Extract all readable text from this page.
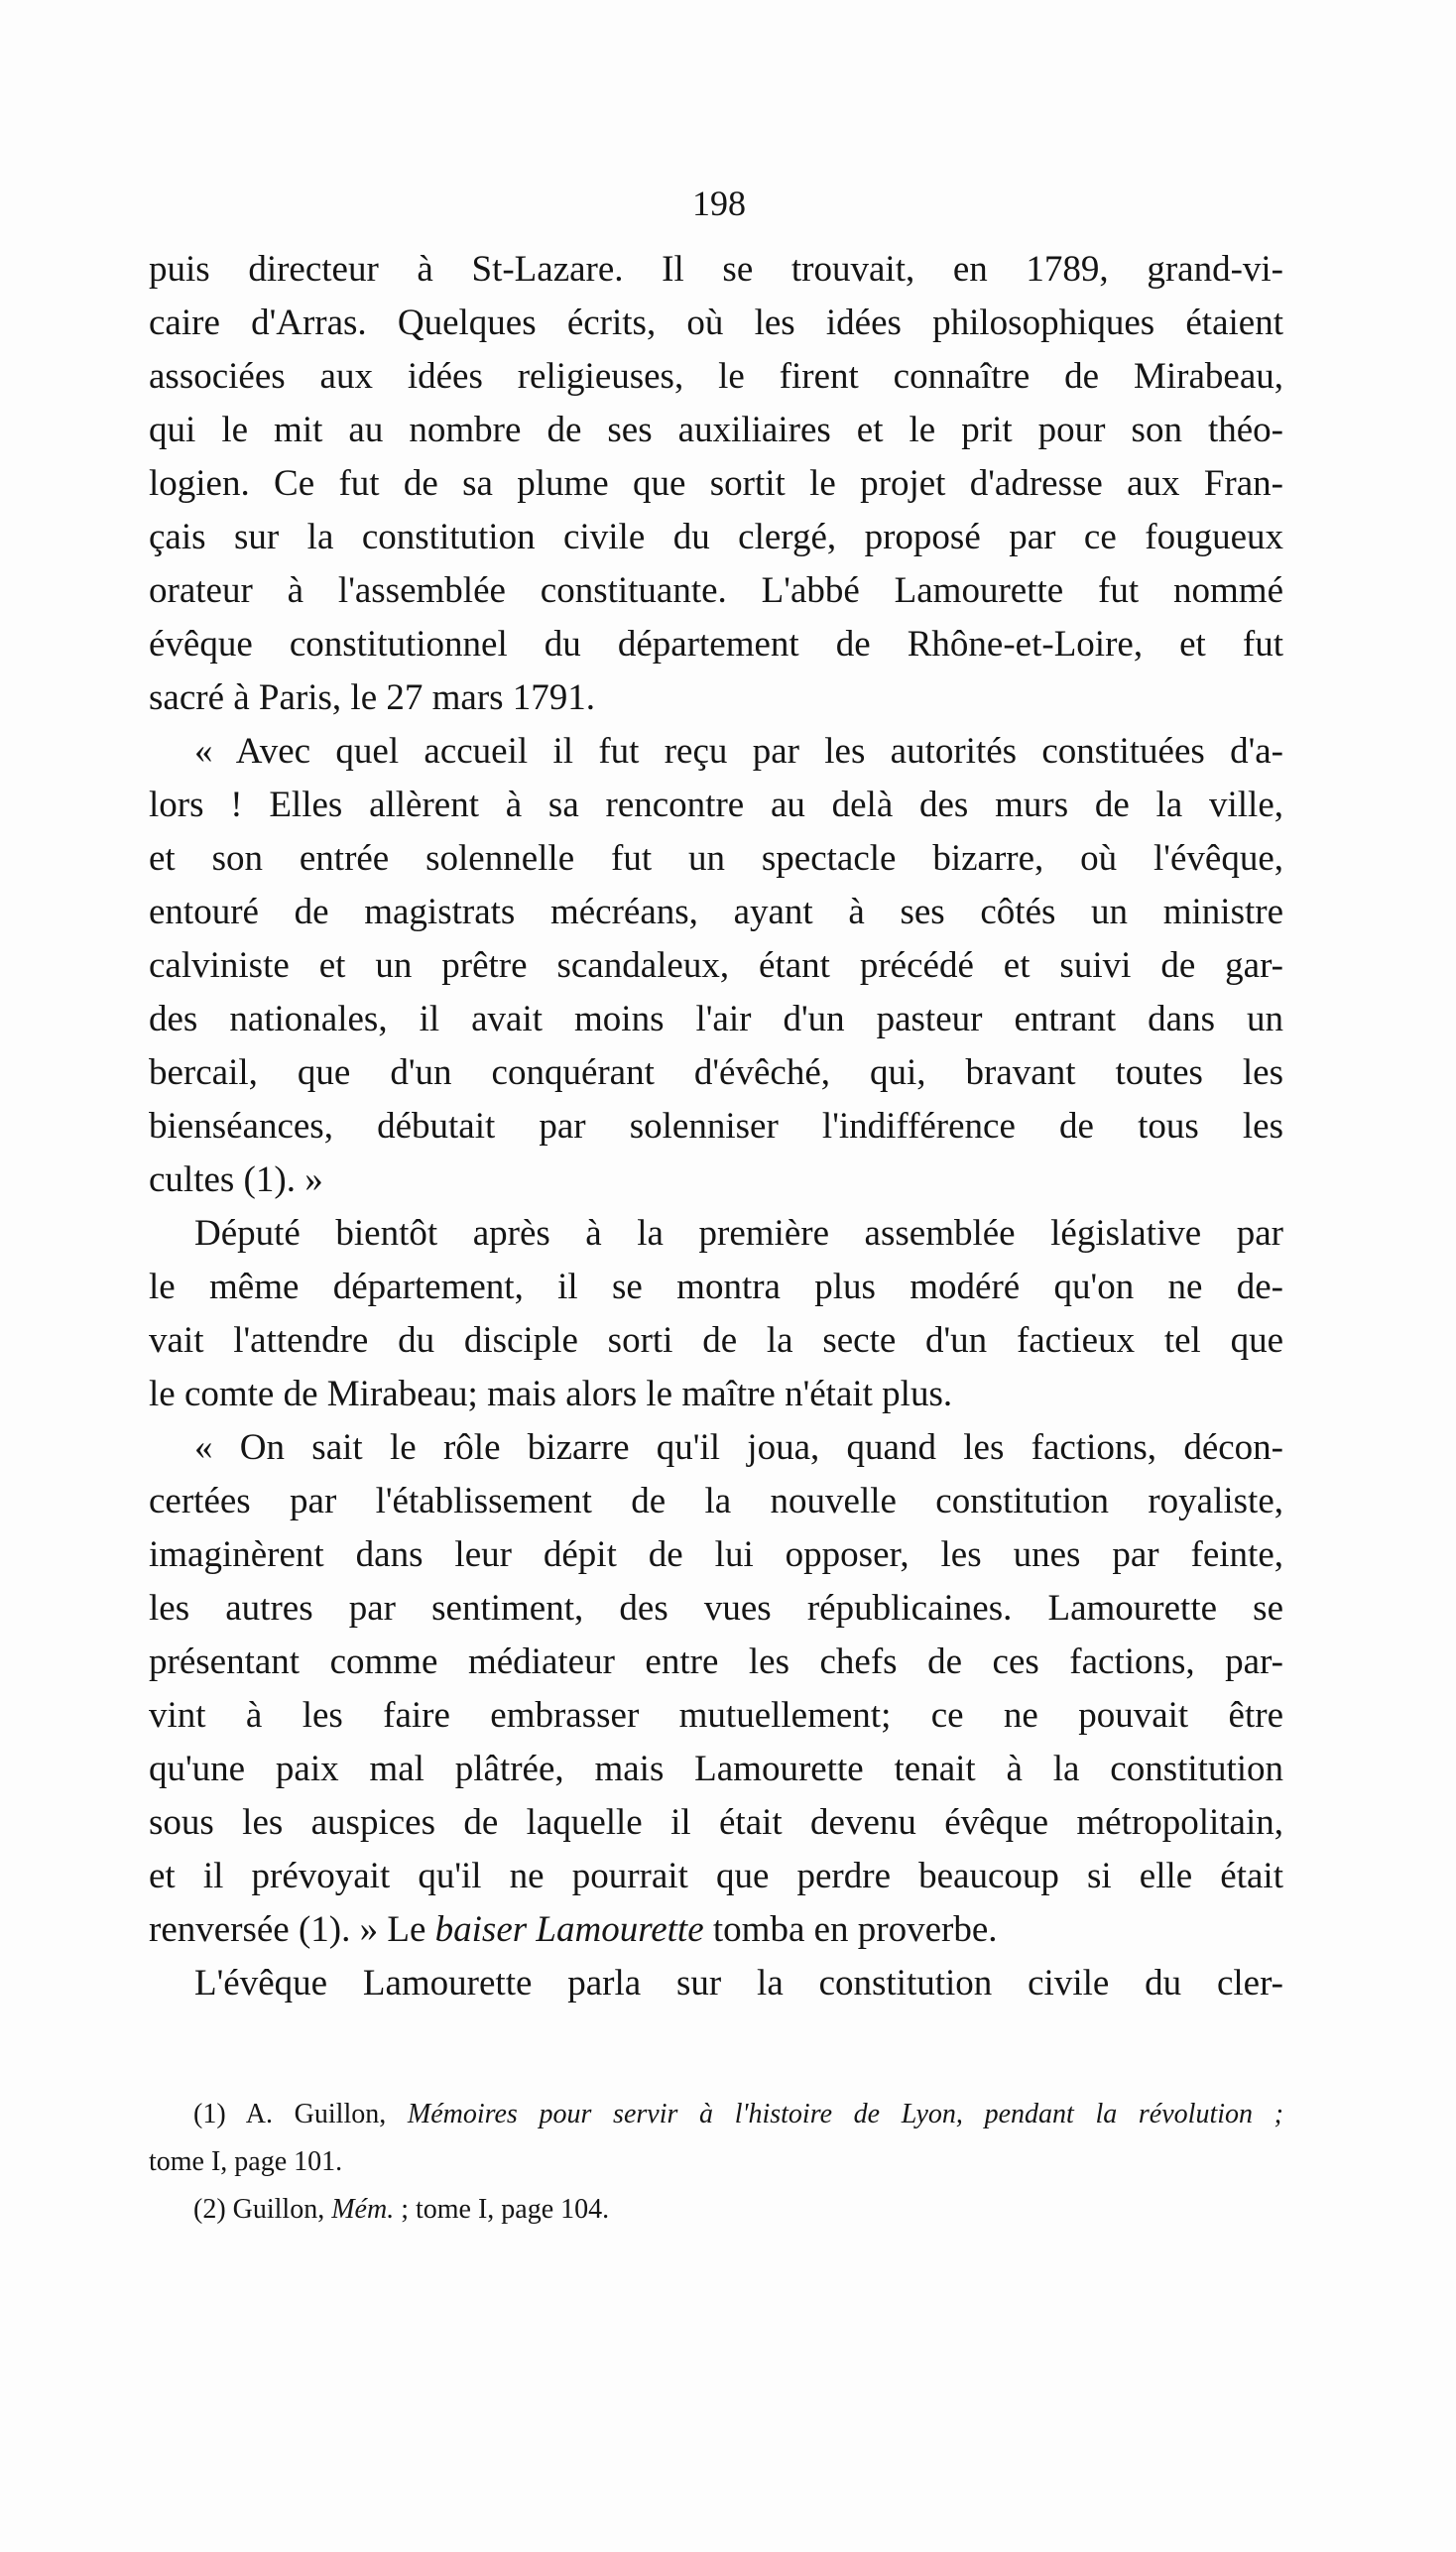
198
puis directeur à St-Lazare. Il se trouvait, en 1789, grand-vi-
caire d'Arras. Quelques écrits, où les idées philosophiques étaient
associées aux idées religieuses, le firent connaître de Mirabeau,
qui le mit au nombre de ses auxiliaires et le prit pour son théo-
logien. Ce fut de sa plume que sortit le projet d'adresse aux Fran-
çais sur la constitution civile du clergé, proposé par ce fougueux
orateur à l'assemblée constituante. L'abbé Lamourette fut nommé
évêque constitutionnel du département de Rhône-et-Loire, et fut
sacré à Paris, le 27 mars 1791.
« Avec quel accueil il fut reçu par les autorités constituées d'a-
lors ! Elles allèrent à sa rencontre au delà des murs de la ville,
et son entrée solennelle fut un spectacle bizarre, où l'évêque,
entouré de magistrats mécréans, ayant à ses côtés un ministre
calviniste et un prêtre scandaleux, étant précédé et suivi de gar-
des nationales, il avait moins l'air d'un pasteur entrant dans un
bercail, que d'un conquérant d'évêché, qui, bravant toutes les
bienséances, débutait par solenniser l'indifférence de tous les
cultes (1). »
Député bientôt après à la première assemblée législative par
le même département, il se montra plus modéré qu'on ne de-
vait l'attendre du disciple sorti de la secte d'un factieux tel que
le comte de Mirabeau; mais alors le maître n'était plus.
« On sait le rôle bizarre qu'il joua, quand les factions, décon-
certées par l'établissement de la nouvelle constitution royaliste,
imaginèrent dans leur dépit de lui opposer, les unes par feinte,
les autres par sentiment, des vues républicaines. Lamourette se
présentant comme médiateur entre les chefs de ces factions, par-
vint à les faire embrasser mutuellement; ce ne pouvait être
qu'une paix mal plâtrée, mais Lamourette tenait à la constitution
sous les auspices de laquelle il était devenu évêque métropolitain,
et il prévoyait qu'il ne pourrait que perdre beaucoup si elle était
renversée (1). » Le baiser Lamourette tomba en proverbe.
L'évêque Lamourette parla sur la constitution civile du cler-
(1) A. Guillon, Mémoires pour servir à l'histoire de Lyon, pendant la révolution ;
tome I, page 101.
(2) Guillon, Mém. ; tome I, page 104.
